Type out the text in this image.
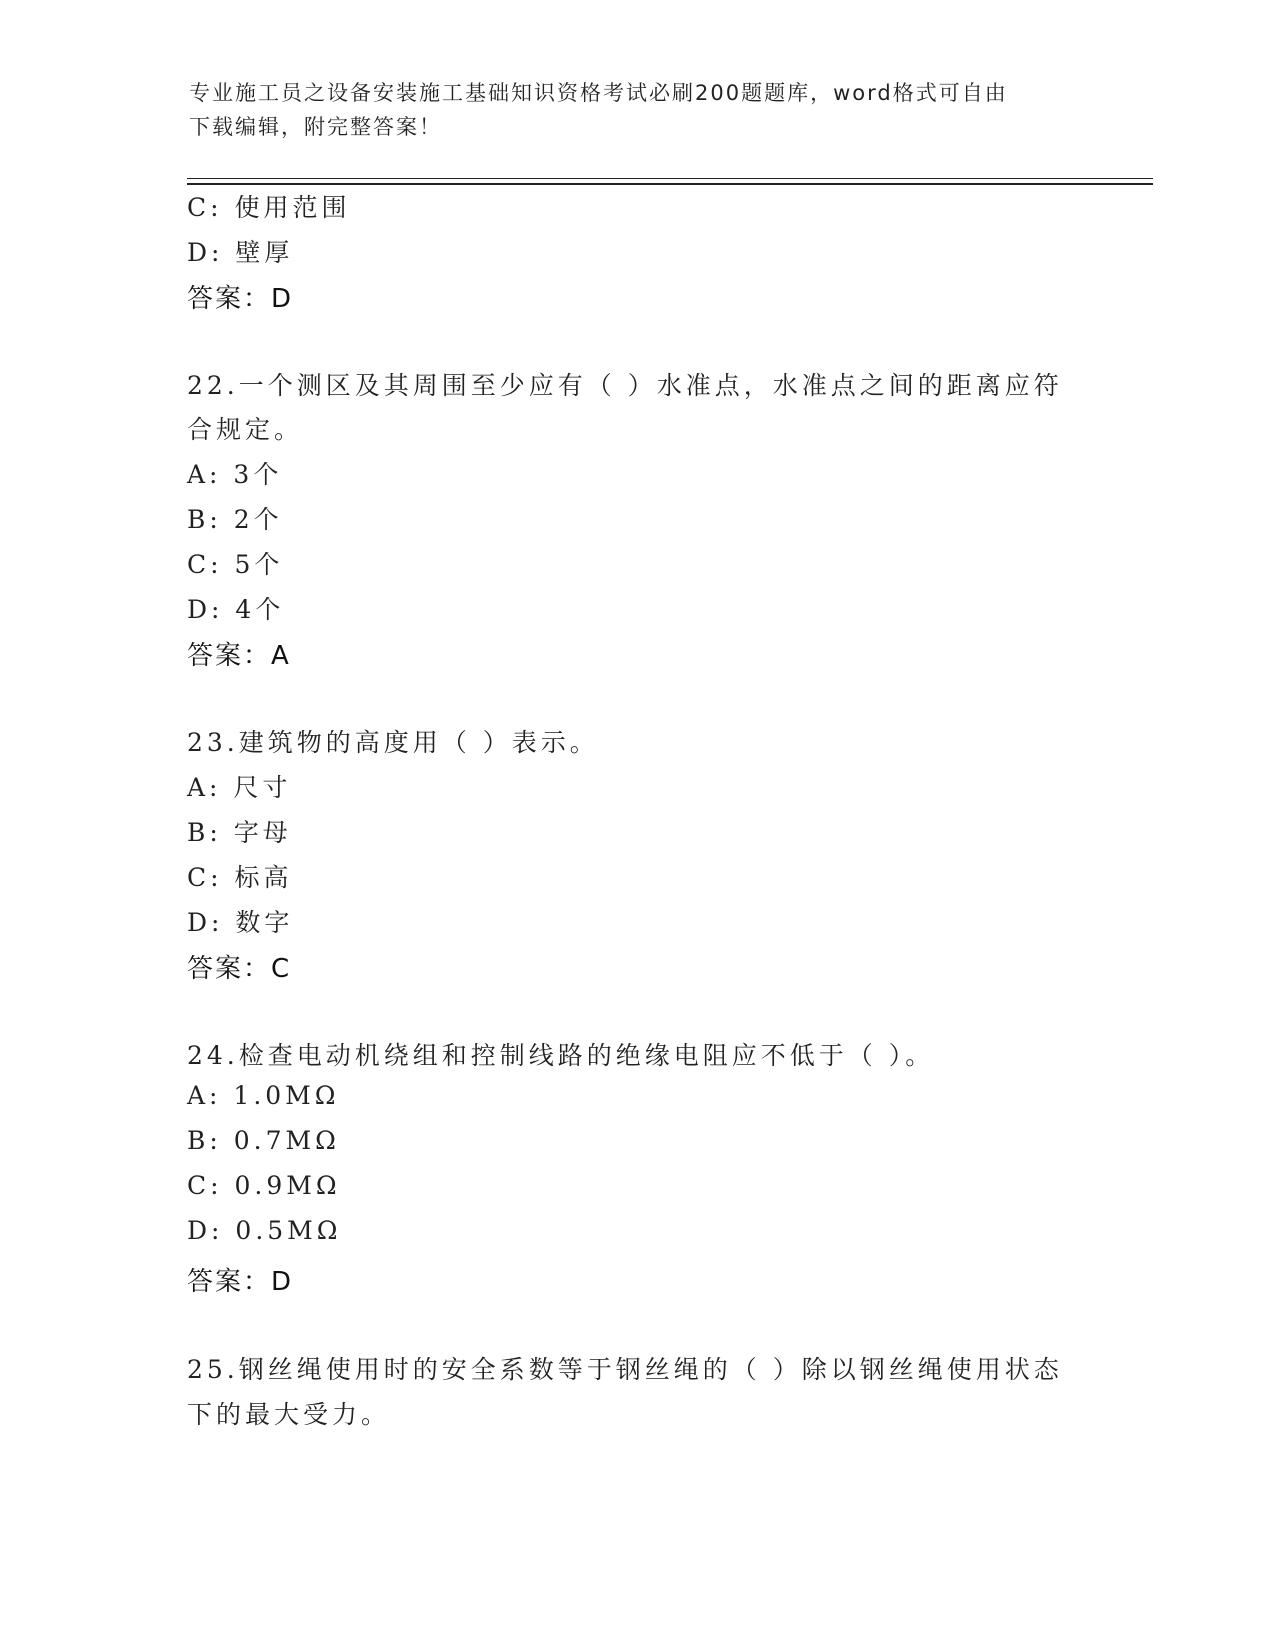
专业施工员之设备安装施工基础知识资格考试必刷200题题库，word格式可自由
下载编辑，附完整答案！
C: 使用范围
D: 壁厚
答案：D
22.一个测区及其周围至少应有（ ）水准点，水准点之间的距离应符
合规定。
A: 3个
B: 2个
C: 5个
D: 4个
答案：A
23.建筑物的高度用（ ）表示。
A: 尺寸
B: 字母
C: 标高
D: 数字
答案：C
24.检查电动机绕组和控制线路的绝缘电阻应不低于（ ）。
A: 1.0MΩ
B: 0.7MΩ
C: 0.9MΩ
D: 0.5MΩ
答案：D
25.钢丝绳使用时的安全系数等于钢丝绳的（ ）除以钢丝绳使用状态
下的最大受力。
